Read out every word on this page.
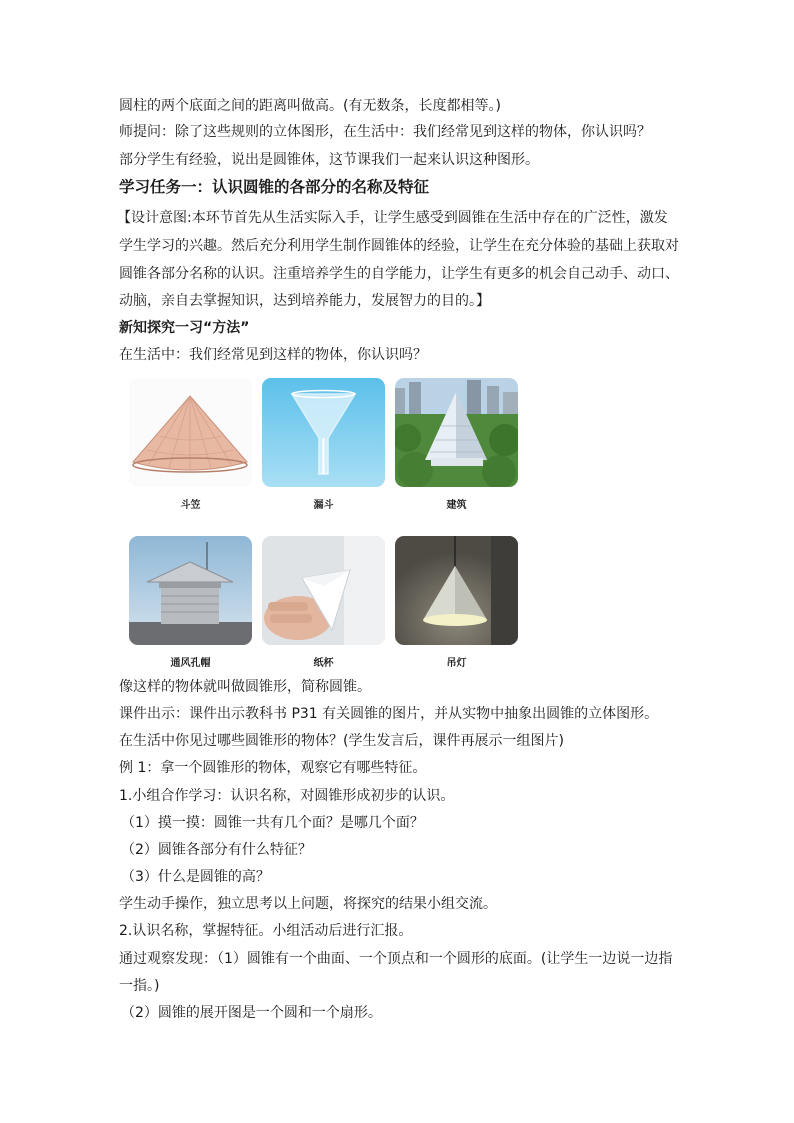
圆柱的两个底面之间的距离叫做高。(有无数条，长度都相等。)
师提问：除了这些规则的立体图形，在生活中：我们经常见到这样的物体，你认识吗？
部分学生有经验，说出是圆锥体，这节课我们一起来认识这种图形。
学习任务一：认识圆锥的各部分的名称及特征
【设计意图:本环节首先从生活实际入手，让学生感受到圆锥在生活中存在的广泛性，激发
学生学习的兴趣。然后充分利用学生制作圆锥体的经验，让学生在充分体验的基础上获取对
圆锥各部分名称的认识。注重培养学生的自学能力，让学生有更多的机会自己动手、动口、
动脑，亲自去掌握知识，达到培养能力，发展智力的目的。】
新知探究一习“方法”
在生活中：我们经常见到这样的物体，你认识吗？
斗笠	漏斗	建筑
通风孔帽	纸杯	吊灯
像这样的物体就叫做圆锥形，简称圆锥。
课件出示：课件出示教科书 P31 有关圆锥的图片，并从实物中抽象出圆锥的立体图形。
在生活中你见过哪些圆锥形的物体？(学生发言后，课件再展示一组图片)
例 1：拿一个圆锥形的物体，观察它有哪些特征。
1.小组合作学习：认识名称，对圆锥形成初步的认识。
（1）摸一摸：圆锥一共有几个面？是哪几个面？
（2）圆锥各部分有什么特征？
（3）什么是圆锥的高？
学生动手操作，独立思考以上问题，将探究的结果小组交流。
2.认识名称，掌握特征。小组活动后进行汇报。
通过观察发现：（1）圆锥有一个曲面、一个顶点和一个圆形的底面。(让学生一边说一边指
一指。)
（2）圆锥的展开图是一个圆和一个扇形。
